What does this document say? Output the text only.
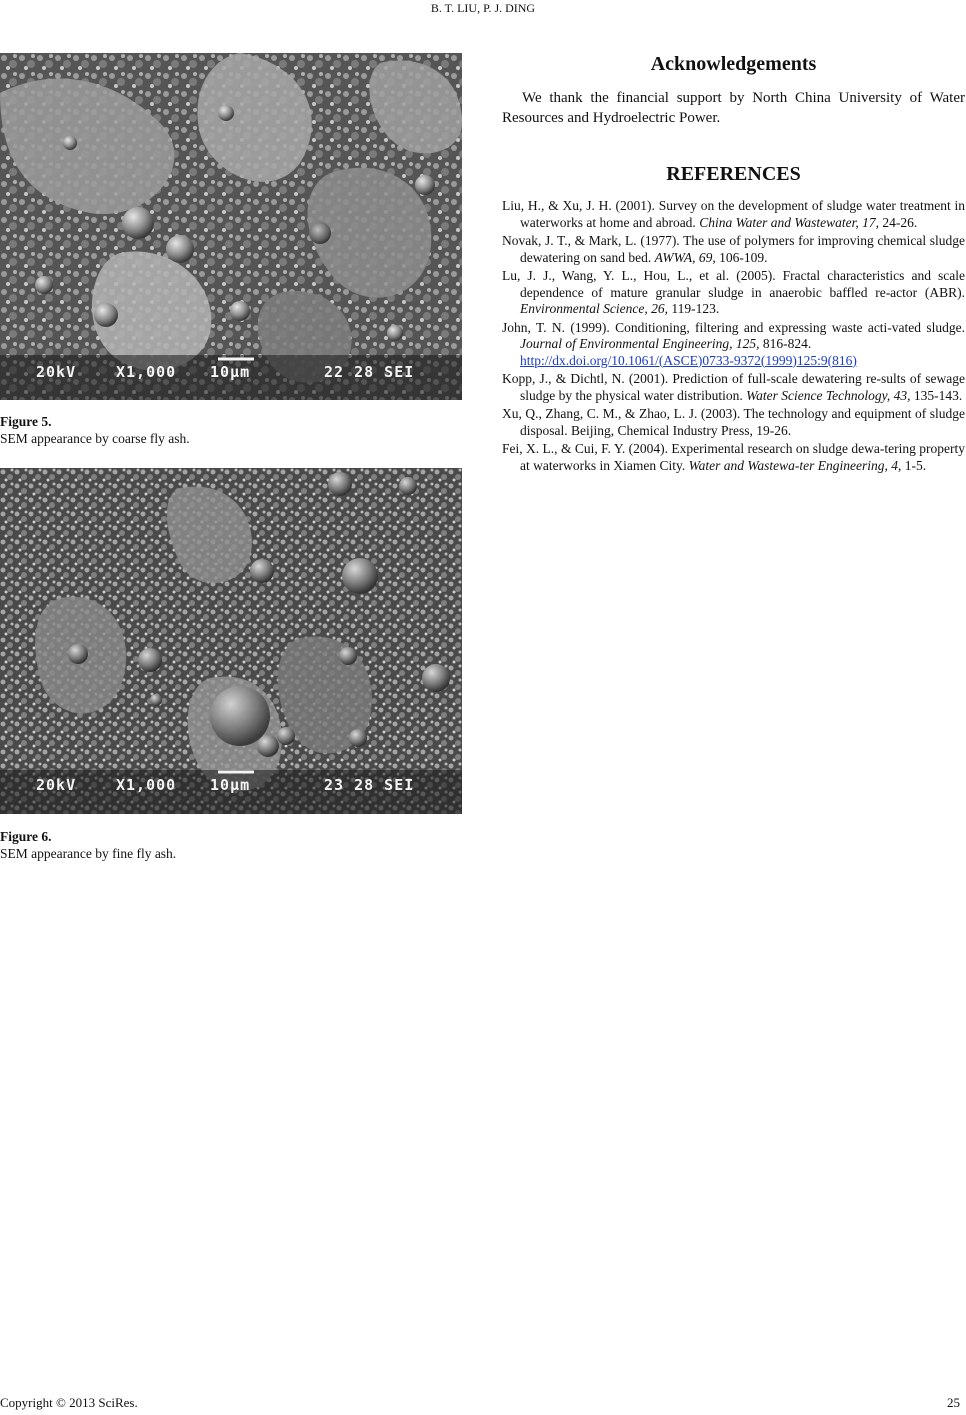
B. T. LIU, P. J. DING
20kV	X1,000 10µm	22 28 SEI
Figure 5.
SEM appearance by coarse fly ash.
20kV	X1,000 10µm	23 28 SEI
Figure 6.
SEM appearance by fine fly ash.
Acknowledgements
We thank the financial support by North China University of Water Resources and Hydroelectric Power.
REFERENCES
Liu, H., & Xu, J. H. (2001). Survey on the development of sludge water treatment in waterworks at home and abroad. China Water and Wastewater, 17, 24-26.
Novak, J. T., & Mark, L. (1977). The use of polymers for improving chemical sludge dewatering on sand bed. AWWA, 69, 106-109.
Lu, J. J., Wang, Y. L., Hou, L., et al. (2005). Fractal characteristics and scale dependence of mature granular sludge in anaerobic baffled re-actor (ABR). Environmental Science, 26, 119-123.
John, T. N. (1999). Conditioning, filtering and expressing waste acti-vated sludge. Journal of Environmental Engineering, 125, 816-824.
http://dx.doi.org/10.1061/(ASCE)0733-9372(1999)125:9(816)
Kopp, J., & Dichtl, N. (2001). Prediction of full-scale dewatering re-sults of sewage sludge by the physical water distribution. Water Science Technology, 43, 135-143.
Xu, Q., Zhang, C. M., & Zhao, L. J. (2003). The technology and equipment of sludge disposal. Beijing, Chemical Industry Press, 19-26.
Fei, X. L., & Cui, F. Y. (2004). Experimental research on sludge dewa-tering property at waterworks in Xiamen City. Water and Wastewa-ter Engineering, 4, 1-5.
Copyright © 2013 SciRes.	25
